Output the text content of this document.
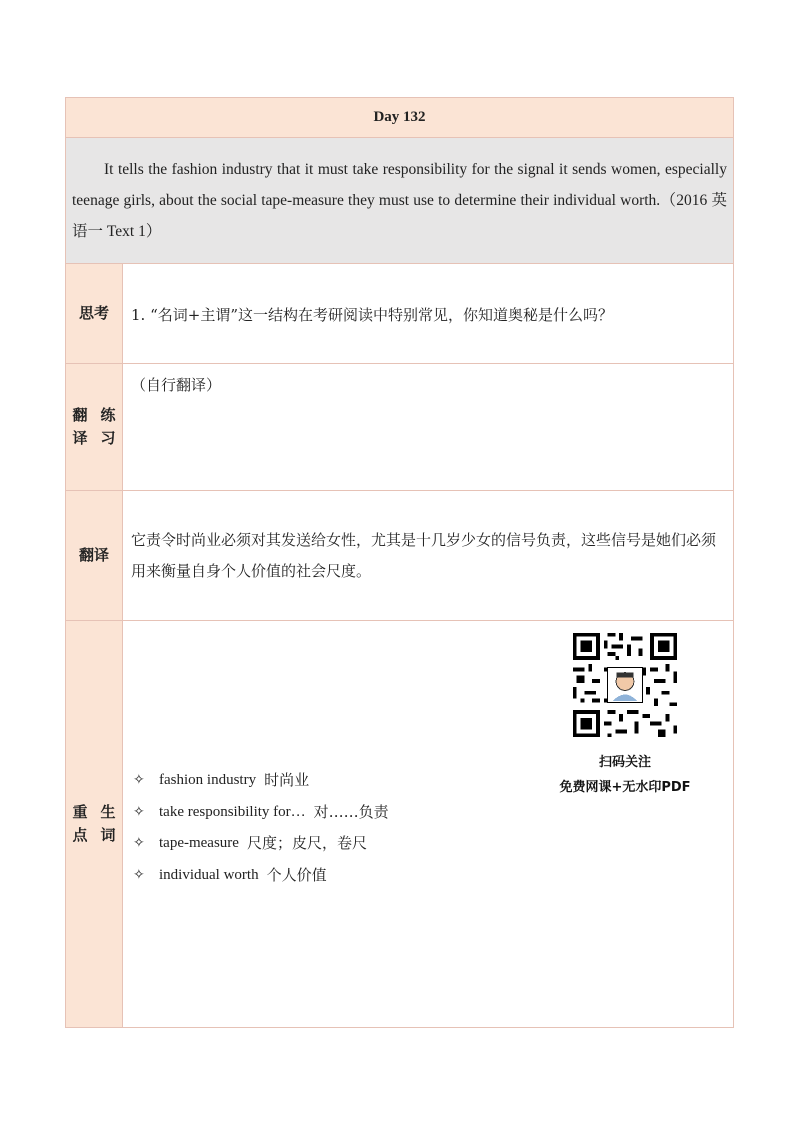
Day 132
It tells the fashion industry that it must take responsibility for the signal it sends women, especially teenage girls, about the social tape-measure they must use to determine their individual worth.（2016 英语一 Text 1）
思考	1. “名词+主谓”这一结构在考研阅读中特别常见，你知道奥秘是什么吗？
翻译

练习
（自行翻译）
翻译
它责令时尚业必须对其发送给女性，尤其是十几岁少女的信号负责，这些信号是她们必须用来衡量自身个人价值的社会尺度。
重点

生词
✧ fashion industry 时尚业
✧ take responsibility for… 对……负责
✧ tape-measure 尺度；皮尺，卷尺
✧ individual worth 个人价值
扫码关注
免费网课+无水印PDF
